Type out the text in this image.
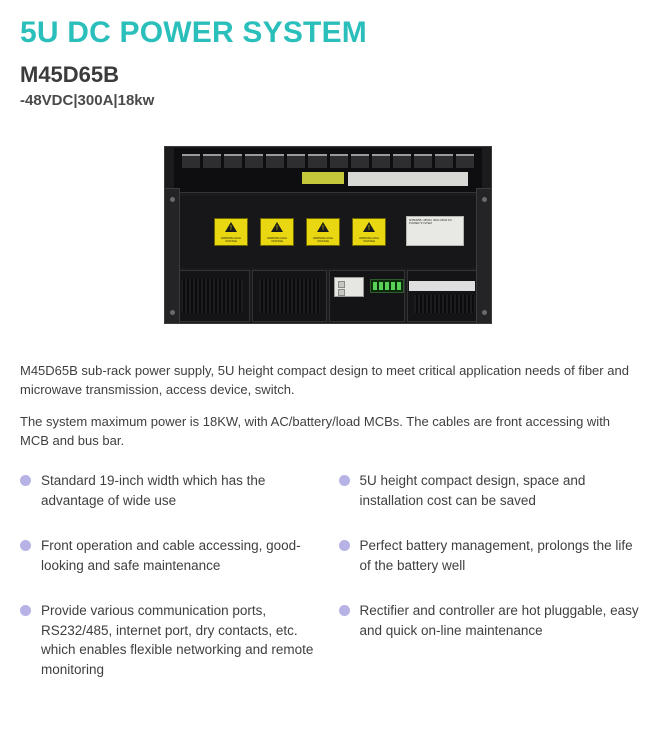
5U DC POWER SYSTEM
M45D65B
-48VDC|300A|18kw
!
WARNING HIGH VOLTAGE
!
WARNING HIGH VOLTAGE
!
WARNING HIGH VOLTAGE
!
WARNING HIGH VOLTAGE
M45D65B -48VDC 300A 18kW DC POWER SYSTEM

M45D65B sub-rack power supply, 5U height compact design to meet critical application needs of fiber and microwave transmission, access device, switch.

The system maximum power is 18KW, with AC/battery/load MCBs. The cables are front accessing with MCB and bus bar.

Standard 19-inch width which has the advantage of wide use
5U height compact design, space and installation cost can be saved
Front operation and cable accessing, good-looking and safe maintenance
Perfect battery management, prolongs the life of the battery well
Provide various communication ports, RS232/485, internet port, dry contacts, etc. which enables flexible networking and remote monitoring
Rectifier and controller are hot pluggable, easy and quick on-line maintenance
